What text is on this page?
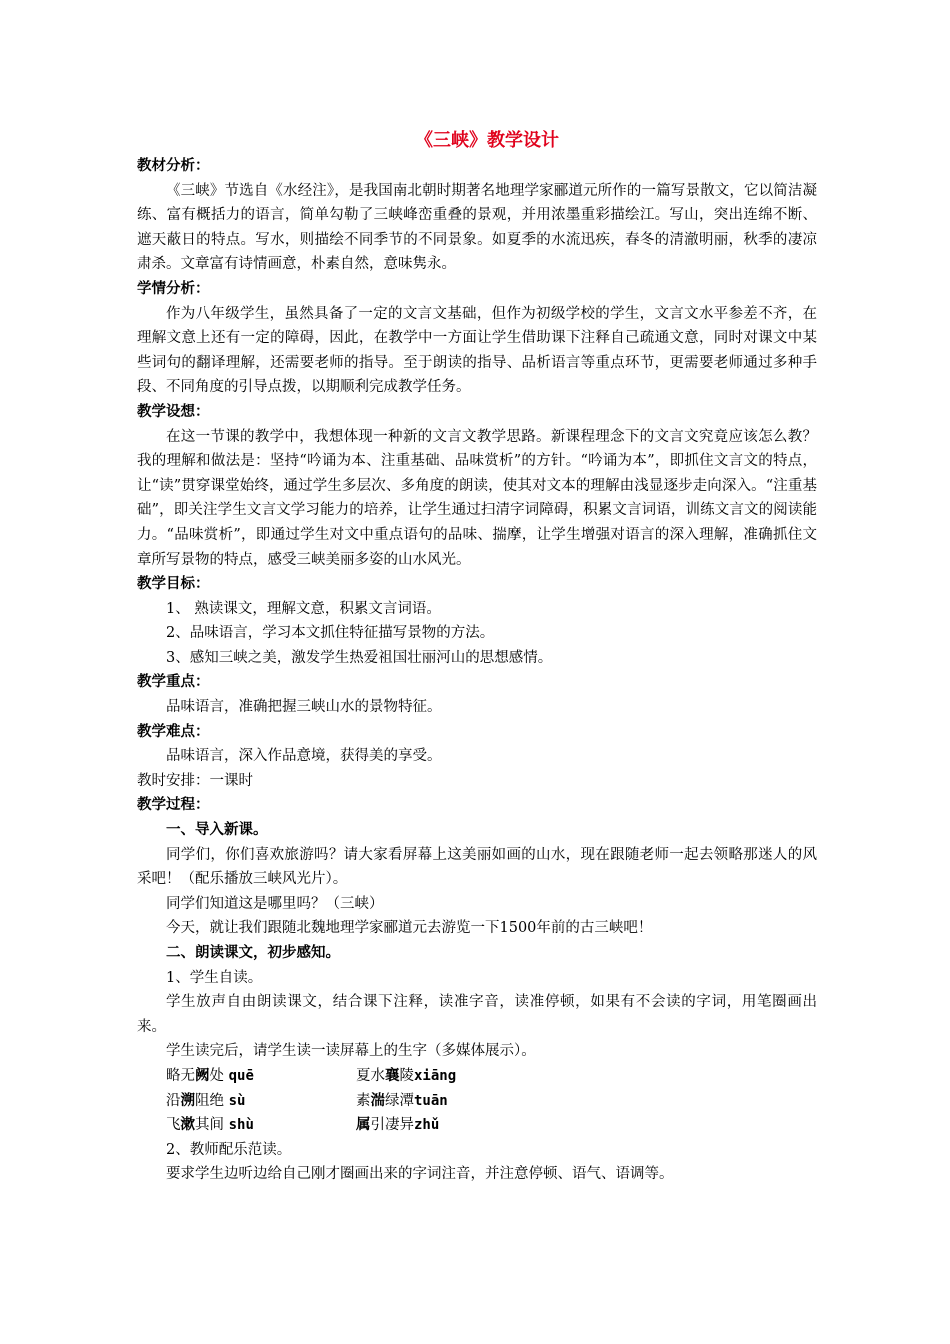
《三峡》教学设计
教材分析：
《三峡》节选自《水经注》，是我国南北朝时期著名地理学家郦道元所作的一篇写景散文，它以简洁凝练、富有概括力的语言，简单勾勒了三峡峰峦重叠的景观，并用浓墨重彩描绘江。写山，突出连绵不断、遮天蔽日的特点。写水，则描绘不同季节的不同景象。如夏季的水流迅疾，春冬的清澈明丽，秋季的凄凉肃杀。文章富有诗情画意，朴素自然，意味隽永。
学情分析：
作为八年级学生，虽然具备了一定的文言文基础，但作为初级学校的学生，文言文水平参差不齐，在理解文意上还有一定的障碍，因此，在教学中一方面让学生借助课下注释自己疏通文意，同时对课文中某些词句的翻译理解，还需要老师的指导。至于朗读的指导、品析语言等重点环节，更需要老师通过多种手段、不同角度的引导点拨，以期顺利完成教学任务。
教学设想：
在这一节课的教学中，我想体现一种新的文言文教学思路。新课程理念下的文言文究竟应该怎么教？我的理解和做法是：坚持“吟诵为本、注重基础、品味赏析”的方针。“吟诵为本”，即抓住文言文的特点，让“读”贯穿课堂始终，通过学生多层次、多角度的朗读，使其对文本的理解由浅显逐步走向深入。“注重基础”，即关注学生文言文学习能力的培养，让学生通过扫清字词障碍，积累文言词语，训练文言文的阅读能力。“品味赏析”，即通过学生对文中重点语句的品味、揣摩，让学生增强对语言的深入理解，准确抓住文章所写景物的特点，感受三峡美丽多姿的山水风光。
教学目标：
1、 熟读课文，理解文意，积累文言词语。
2、品味语言，学习本文抓住特征描写景物的方法。
3、感知三峡之美，激发学生热爱祖国壮丽河山的思想感情。
教学重点：
品味语言，准确把握三峡山水的景物特征。
教学难点：
品味语言，深入作品意境，获得美的享受。
教时安排：一课时
教学过程：
一、导入新课。
同学们，你们喜欢旅游吗？请大家看屏幕上这美丽如画的山水，现在跟随老师一起去领略那迷人的风采吧！（配乐播放三峡风光片）。
同学们知道这是哪里吗？（三峡）
今天，就让我们跟随北魏地理学家郦道元去游览一下1500年前的古三峡吧！
二、朗读课文，初步感知。
1、学生自读。
学生放声自由朗读课文，结合课下注释，读准字音，读准停顿，如果有不会读的字词，用笔圈画出来。
学生读完后，请学生读一读屏幕上的生字（多媒体展示）。
略无阙处 quē	夏水襄陵xiāng
沿溯阻绝 sù	素湍绿潭tuān
飞漱其间 shù	属引凄异zhǔ
2、教师配乐范读。
要求学生边听边给自己刚才圈画出来的字词注音，并注意停顿、语气、语调等。
